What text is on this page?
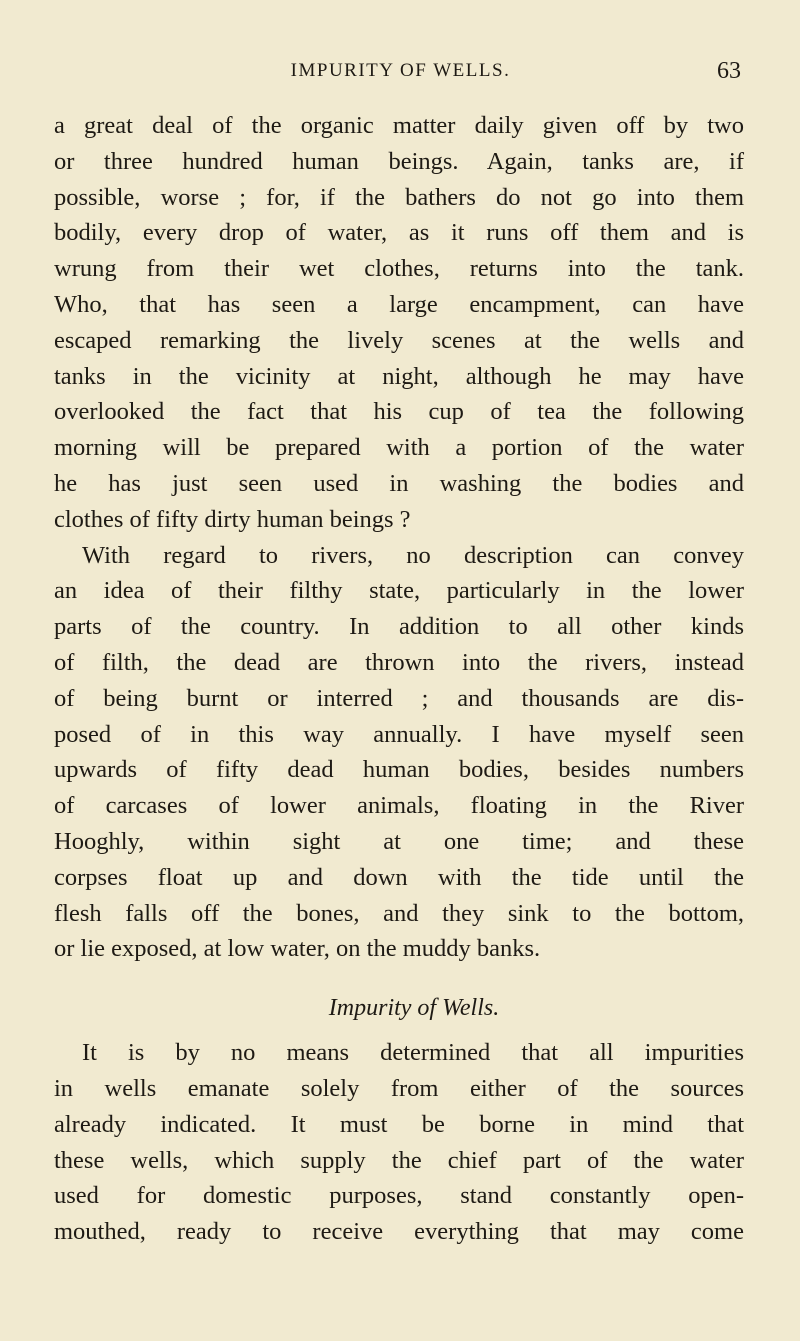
IMPURITY OF WELLS.	63
a great deal of the organic matter daily given off by two
or three hundred human beings. Again, tanks are, if
possible, worse ; for, if the bathers do not go into them
bodily, every drop of water, as it runs off them and is
wrung from their wet clothes, returns into the tank.
Who, that has seen a large encampment, can have
escaped remarking the lively scenes at the wells and
tanks in the vicinity at night, although he may have
overlooked the fact that his cup of tea the following
morning will be prepared with a portion of the water
he has just seen used in washing the bodies and
clothes of fifty dirty human beings ?
With regard to rivers, no description can convey
an idea of their filthy state, particularly in the lower
parts of the country. In addition to all other kinds
of filth, the dead are thrown into the rivers, instead
of being burnt or interred ; and thousands are dis-
posed of in this way annually. I have myself seen
upwards of fifty dead human bodies, besides numbers
of carcases of lower animals, floating in the River
Hooghly, within sight at one time; and these
corpses float up and down with the tide until the
flesh falls off the bones, and they sink to the bottom,
or lie exposed, at low water, on the muddy banks.
Impurity of Wells.
It is by no means determined that all impurities
in wells emanate solely from either of the sources
already indicated. It must be borne in mind that
these wells, which supply the chief part of the water
used for domestic purposes, stand constantly open-
mouthed, ready to receive everything that may come
